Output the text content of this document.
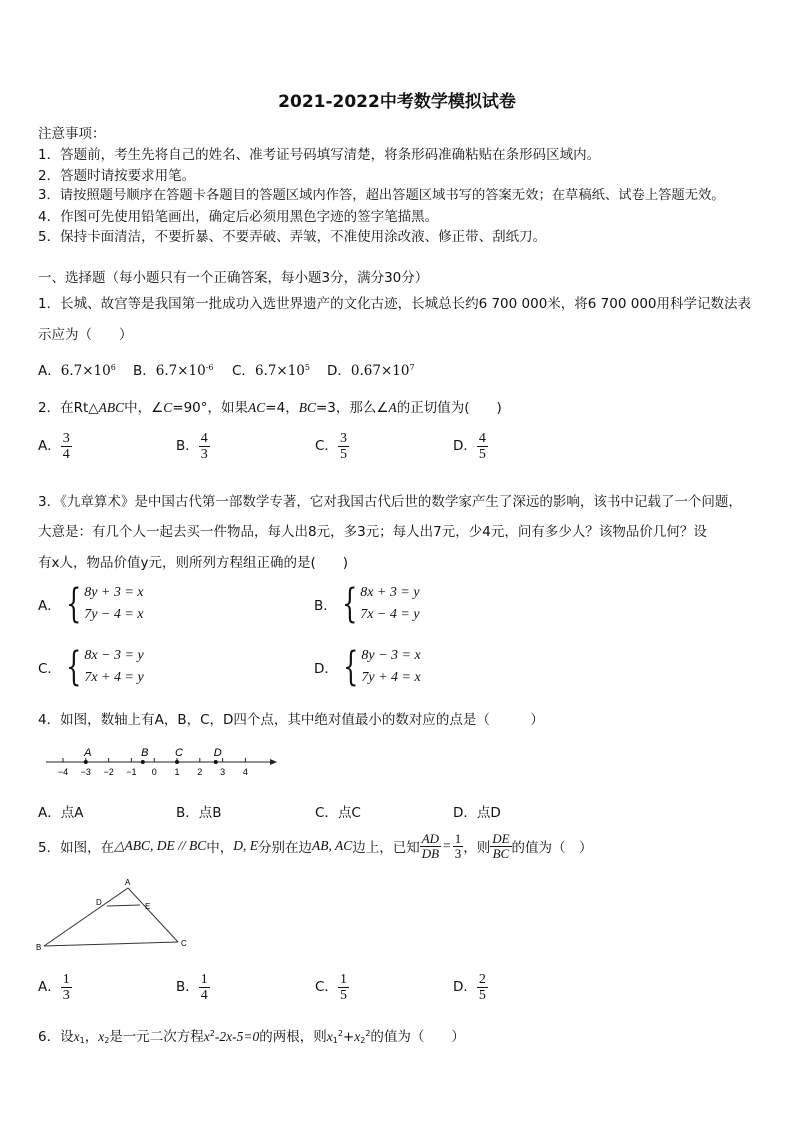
2021-2022中考数学模拟试卷
注意事项：
1．答题前，考生先将自己的姓名、准考证号码填写清楚，将条形码准确粘贴在条形码区域内。
2．答题时请按要求用笔。
3．请按照题号顺序在答题卡各题目的答题区域内作答，超出答题区域书写的答案无效；在草稿纸、试卷上答题无效。
4．作图可先使用铅笔画出，确定后必须用黑色字迹的签字笔描黑。
5．保持卡面清洁，不要折暴、不要弄破、弄皱，不准使用涂改液、修正带、刮纸刀。
一、选择题（每小题只有一个正确答案，每小题3分，满分30分）
1．长城、故宫等是我国第一批成功入选世界遗产的文化古迹，长城总长约6 700 000米，将6 700 000用科学记数法表
示应为（　　）
A．$6.7\times 10^6$ B．$6.7\times 10^{-6}$ C．$6.7\times 10^5$ D．$0.67\times 10^7$
2．在Rt△ABC中，∠C=90°，如果AC=4，BC=3，那么∠A的正切值为(　　)
A． $\frac{3}{4}$	B． $\frac{4}{3}$	C． $\frac{3}{5}$	D． $\frac{4}{5}$
3．《九章算术》是中国古代第一部数学专著，它对我国古代后世的数学家产生了深远的影响，该书中记载了一个问题，
大意是：有几个人一起去买一件物品，每人出8元，多3元；每人出7元，少4元，问有多少人？该物品价几何？设
有x人，物品价值y元，则所列方程组正确的是(　　)
A． { 8y + 3 = x
7y − 4 = x
B． { 8x + 3 = y
7x − 4 = y
C． { 8x − 3 = y
7x + 4 = y
D． { 8y − 3 = x
7y + 4 = x
4．如图，数轴上有A，B，C，D四个点，其中绝对值最小的数对应的点是（　　　）
−4 −3 −2 −1 0 1 2 3 4
A	B C	D
A．点A	B．点B	C．点C	D．点D
5．如图，在 △ABC, DE // BC 中， D, E 分别在边 AB, AC 边上，已知 $\frac{AD}{DB} = \frac{1}{3}$ ，则 $\frac{DE}{BC}$ 的值为（　）
A
D	E
B	C
A． $\frac{1}{3}$	B． $\frac{1}{4}$	C． $\frac{1}{5}$	D． $\frac{2}{5}$
6．设$x_1$，$x_2$是一元二次方程$x^2-2x-5=0$的两根，则$x_1^2+x_2^2$的值为（　　）
